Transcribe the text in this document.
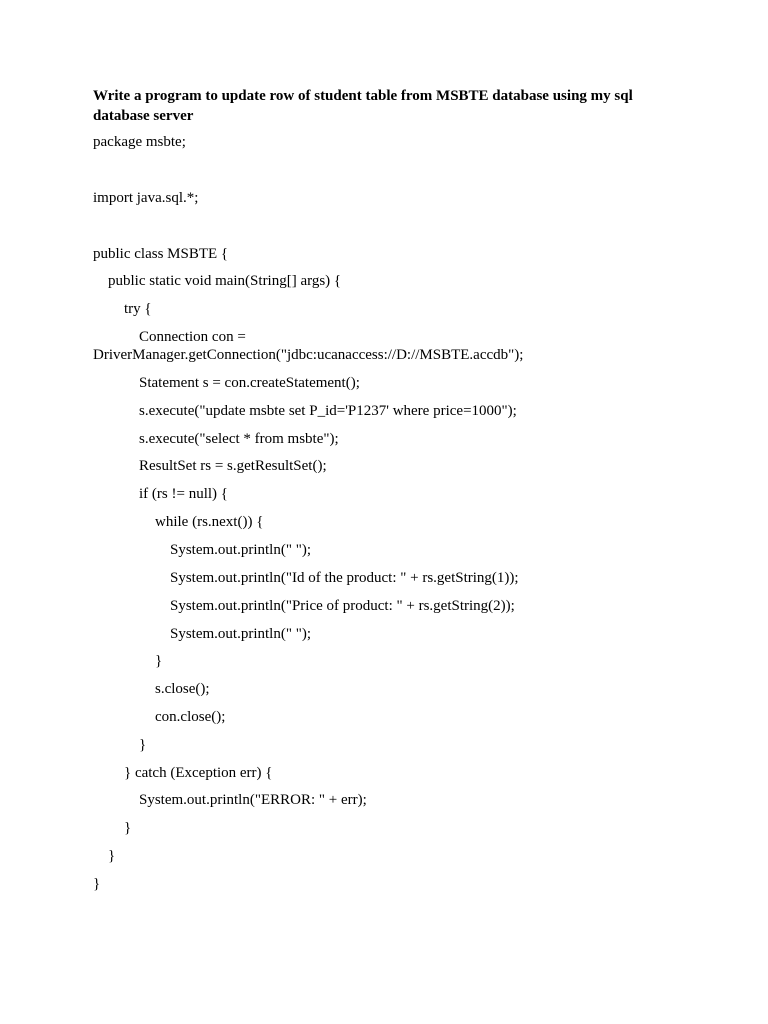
Write a program to update row of student table from MSBTE database using my sql
database server
package msbte;
import java.sql.*;
public class MSBTE {
public static void main(String[] args) {
try {
Connection con =
DriverManager.getConnection("jdbc:ucanaccess://D://MSBTE.accdb");
Statement s = con.createStatement();
s.execute("update msbte set P_id='P1237' where price=1000");
s.execute("select * from msbte");
ResultSet rs = s.getResultSet();
if (rs != null) {
while (rs.next()) {
System.out.println(" ");
System.out.println("Id of the product: " + rs.getString(1));
System.out.println("Price of product: " + rs.getString(2));
System.out.println(" ");
}
s.close();
con.close();
}
} catch (Exception err) {
System.out.println("ERROR: " + err);
}
}
}
